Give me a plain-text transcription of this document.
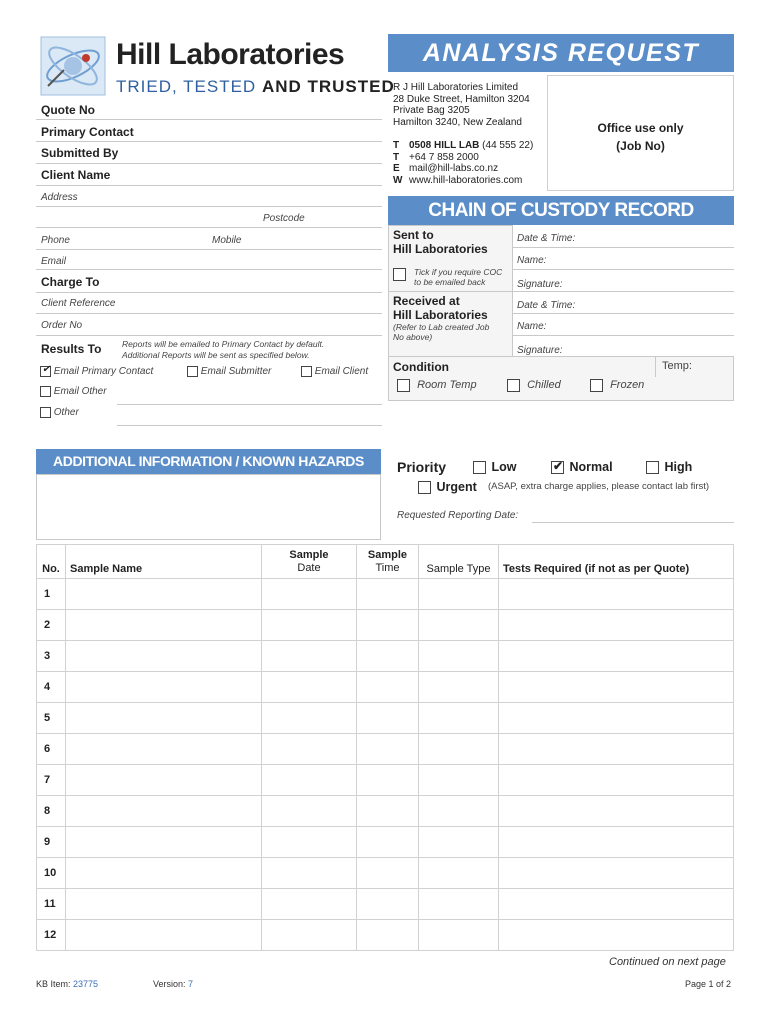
Hill Laboratories
TRIED, TESTED AND TRUSTED
ANALYSIS REQUEST
R J Hill Laboratories Limited
28 Duke Street, Hamilton 3204
Private Bag 3205
Hamilton 3240, New Zealand
T 0508 HILL LAB (44 555 22)
T +64 7 858 2000
E mail@hill-labs.co.nz
W www.hill-laboratories.com
Office use only
(Job No)
Quote No
Primary Contact
Submitted By
Client Name
Address
Postcode
Phone	Mobile
Email
Charge To
Client Reference
Order No
Results To Reports will be emailed to Primary Contact by default.
Additional Reports will be sent as specified below.
✔ Email Primary Contact	Email Submitter	Email Client
Email Other
Other
CHAIN OF CUSTODY RECORD
Sent to
Hill Laboratories
Date & Time:
Name:
Signature:
Tick if you require COC
to be emailed back
Received at
Hill Laboratories
(Refer to Lab created Job
No above)
Date & Time:
Name:
Signature:
Condition	Temp:
Room Temp	Chilled	Frozen
ADDITIONAL INFORMATION / KNOWN HAZARDS	Priority	Low
✔	Normal	High
Urgent (ASAP, extra charge applies, please contact lab first)
Requested Reporting Date:
No.	Sample Name	
Sample
Date

Sample
Time	Sample Type	Tests Required (if not as per Quote)
1					
2					
3					
4					
5					
6					
7					
8					
9					
10					
11					
12					
Continued on next page
KB Item: 23775	Version: 7	Page 1 of 2
